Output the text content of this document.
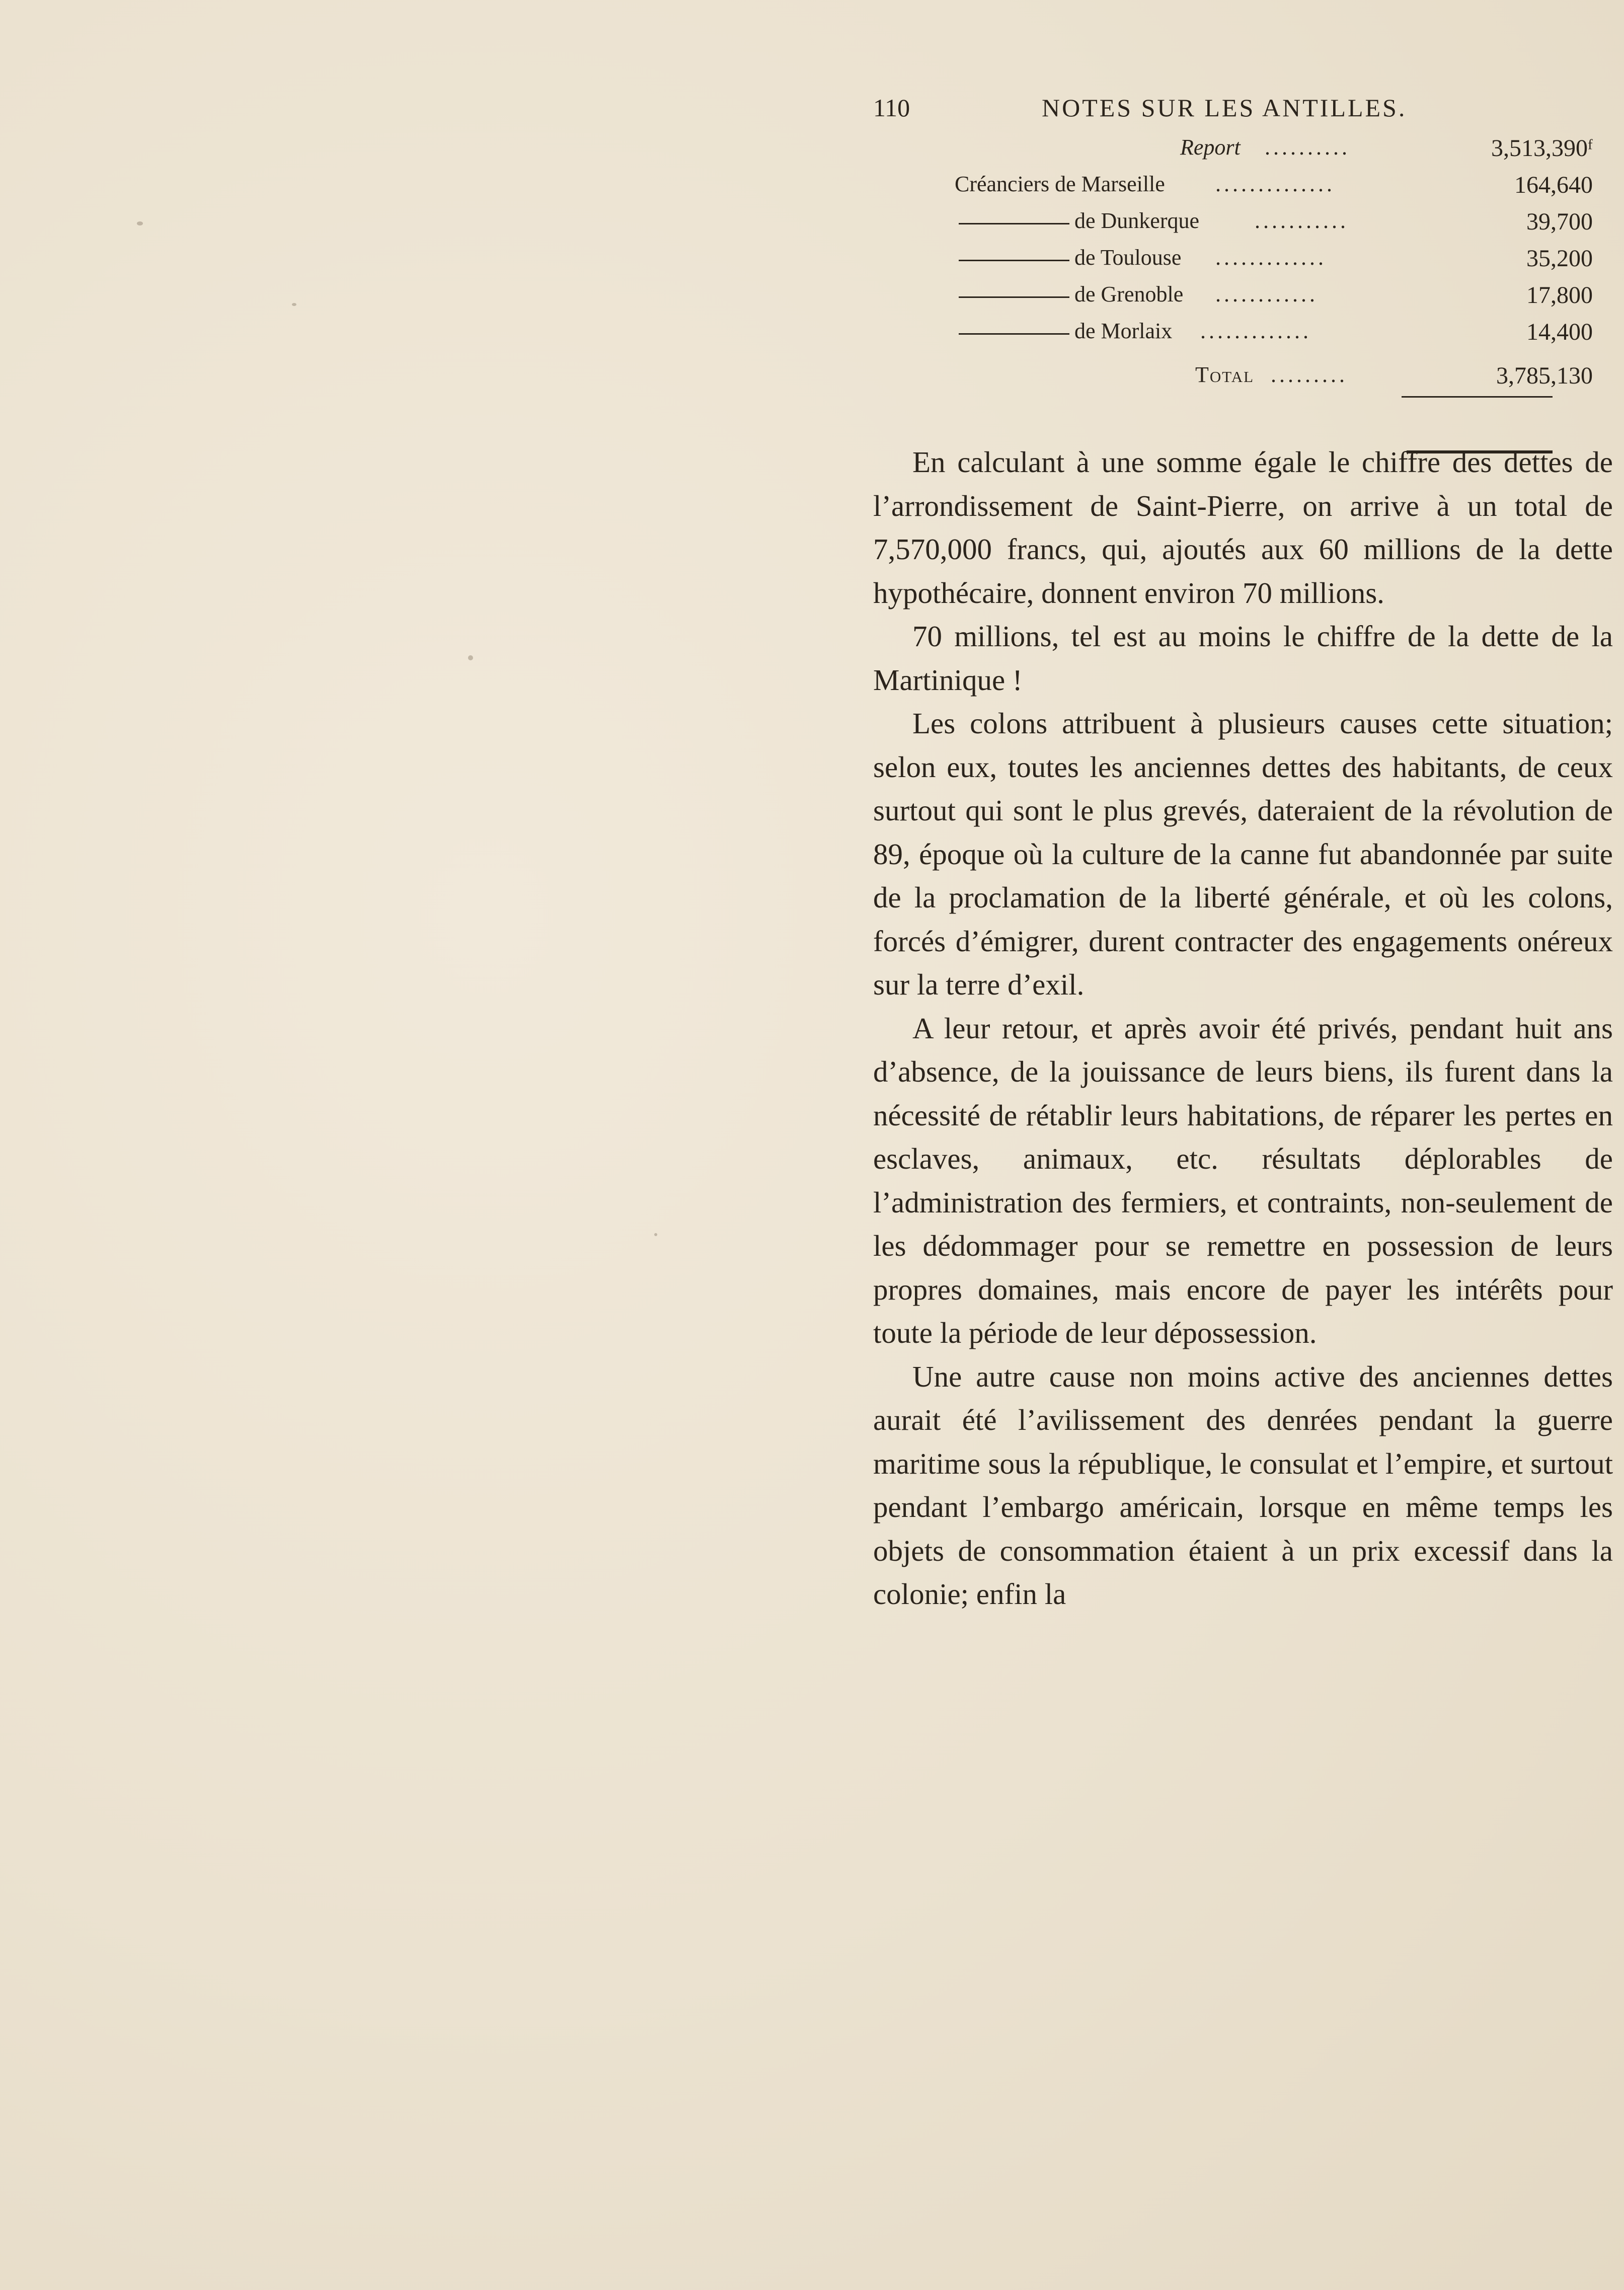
110	NOTES SUR LES ANTILLES.
Report ..........	3,513,390ᶠ
Créanciers de Marseille ..............	164,640
de Dunkerque ...........	39,700
de Toulouse .............	35,200
de Grenoble ............	17,800
de Morlaix .............	14,400
Total .........	3,785,130

En calculant à une somme égale le chiffre des dettes de l’arrondissement de Saint-Pierre, on arrive à un total de 7,570,000 francs, qui, ajoutés aux 60 millions de la dette hypothécaire, donnent environ 70 millions.

70 millions, tel est au moins le chiffre de la dette de la Martinique !

Les colons attribuent à plusieurs causes cette situation; selon eux, toutes les anciennes dettes des habitants, de ceux surtout qui sont le plus grevés, dateraient de la révolution de 89, époque où la culture de la canne fut abandonnée par suite de la proclamation de la liberté générale, et où les colons, forcés d’émigrer, durent contracter des engagements onéreux sur la terre d’exil.

A leur retour, et après avoir été privés, pendant huit ans d’absence, de la jouissance de leurs biens, ils furent dans la nécessité de rétablir leurs habitations, de réparer les pertes en esclaves, animaux, etc. résultats déplorables de l’administration des fermiers, et contraints, non-seulement de les dédommager pour se remettre en possession de leurs propres domaines, mais encore de payer les intérêts pour toute la période de leur dépossession.

Une autre cause non moins active des anciennes dettes aurait été l’avilissement des denrées pendant la guerre maritime sous la république, le consulat et l’empire, et surtout pendant l’embargo américain, lorsque en même temps les objets de consommation étaient à un prix excessif dans la colonie; enfin la
